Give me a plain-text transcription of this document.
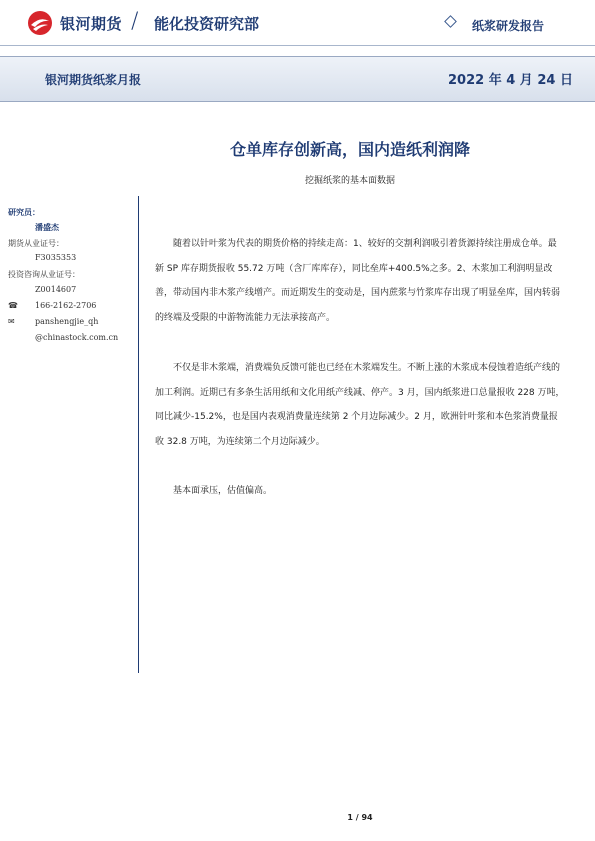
银河期货 / 能化投资研究部	纸浆研发报告
银河期货纸浆月报	2022 年 4 月 24 日
仓单库存创新高，国内造纸利润降
挖掘纸浆的基本面数据
研究员：
潘盛杰
期货从业证号：
F3035353
投资咨询从业证号：
Z0014607
☎ 166-2162-2706
✉	panshengjie_qh
@chinastock.com.cn
随着以针叶浆为代表的期货价格的持续走高：1、较好的交割利润吸引着货源持续注册成仓单。最新 SP 库存期货报收 55.72 万吨（含厂库库存），同比垒库+400.5%之多。2、木浆加工利润明显改善，带动国内非木浆产线增产。而近期发生的变动是，国内蔗浆与竹浆库存出现了明显垒库，国内转弱的终端及受限的中游物流能力无法承接高产。
不仅是非木浆端，消费端负反馈可能也已经在木浆端发生。不断上涨的木浆成本侵蚀着造纸产线的加工利润。近期已有多条生活用纸和文化用纸产线减、停产。3 月，国内纸浆进口总量报收 228 万吨，同比减少-15.2%，也是国内表观消费量连续第 2 个月边际减少。2 月，欧洲针叶浆和本色浆消费量报收 32.8 万吨，为连续第二个月边际减少。
基本面承压，估值偏高。
1 / 94
